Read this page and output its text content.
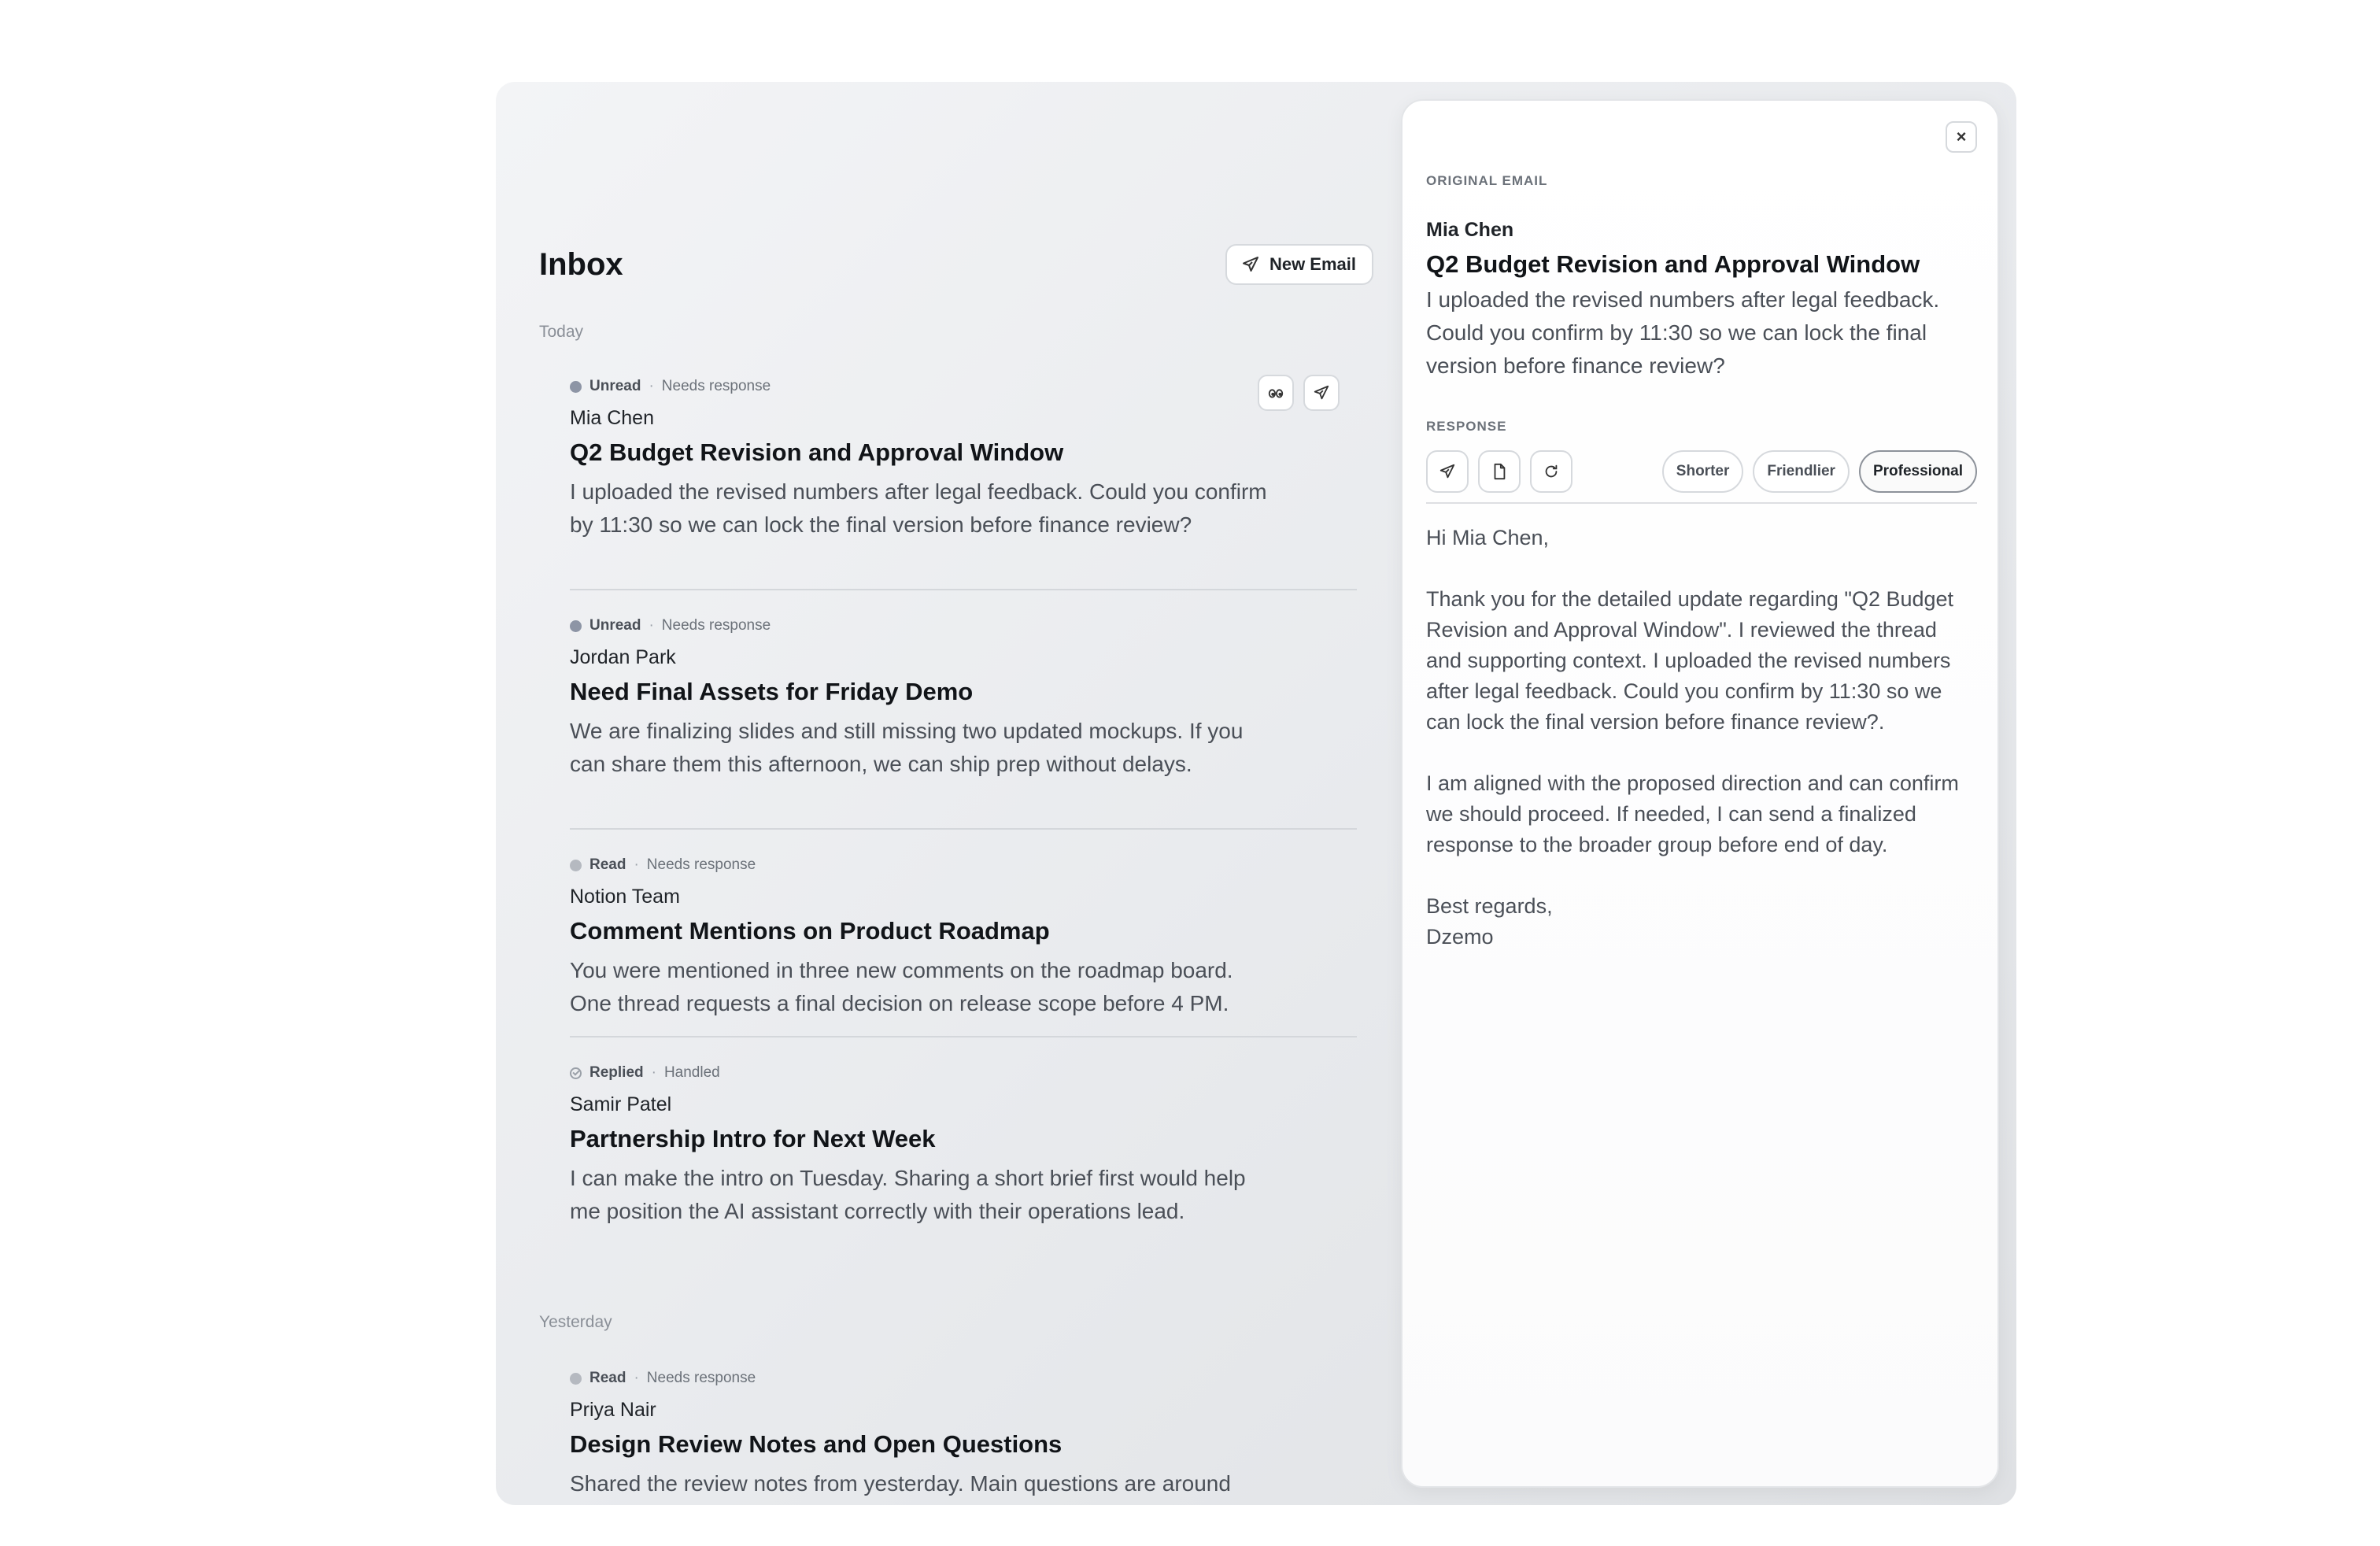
Inbox	New Email
Today
Unread · Needs response
Mia Chen
Q2 Budget Revision and Approval Window
I uploaded the revised numbers after legal feedback. Could you confirm by 11:30 so we can lock the final version before finance review?
Unread · Needs response
Jordan Park
Need Final Assets for Friday Demo
We are finalizing slides and still missing two updated mockups. If you can share them this afternoon, we can ship prep without delays.
Read · Needs response
Notion Team
Comment Mentions on Product Roadmap
You were mentioned in three new comments on the roadmap board. One thread requests a final decision on release scope before 4 PM.
Replied · Handled
Samir Patel
Partnership Intro for Next Week
I can make the intro on Tuesday. Sharing a short brief first would help me position the AI assistant correctly with their operations lead.
Yesterday
Read · Needs response
Priya Nair
Design Review Notes and Open Questions
Shared the review notes from yesterday. Main questions are around
×
ORIGINAL EMAIL
Mia Chen
Q2 Budget Revision and Approval Window
I uploaded the revised numbers after legal feedback. Could you confirm by 11:30 so we can lock the final version before finance review?
RESPONSE
Shorter	Friendlier	Professional

Hi Mia Chen,

Thank you for the detailed update regarding "Q2 Budget Revision and Approval Window". I reviewed the thread and supporting context. I uploaded the revised numbers after legal feedback. Could you confirm by 11:30 so we can lock the final version before finance review?.

I am aligned with the proposed direction and can confirm we should proceed. If needed, I can send a finalized response to the broader group before end of day.

Best regards,

Dzemo
